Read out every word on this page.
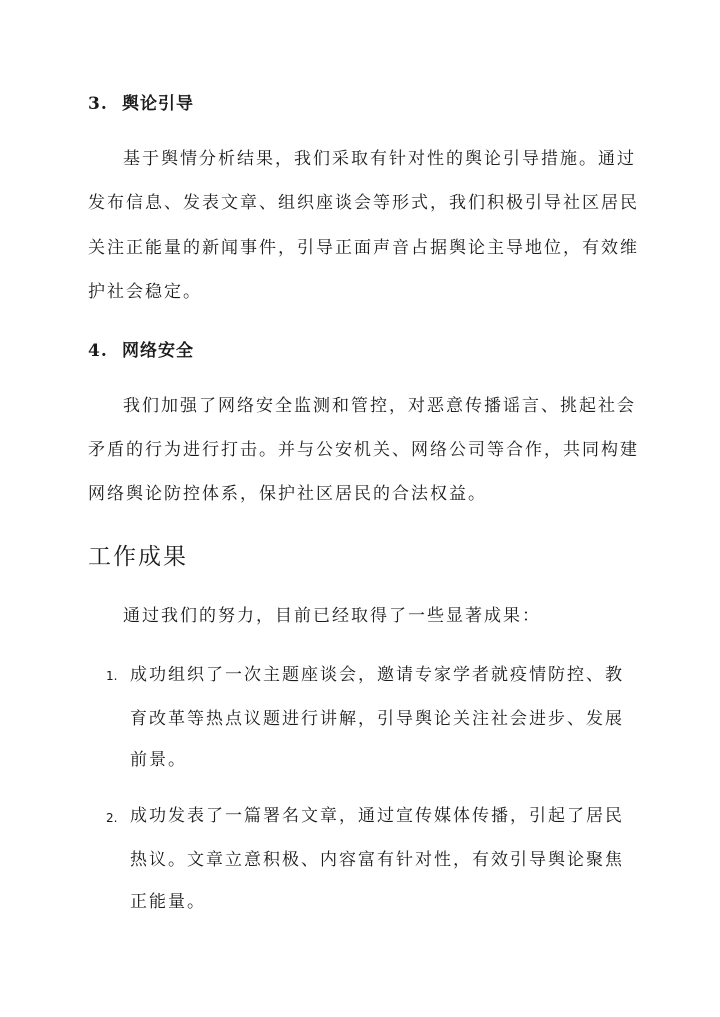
3. 舆论引导
基于舆情分析结果，我们采取有针对性的舆论引导措施。通过
发布信息、发表文章、组织座谈会等形式，我们积极引导社区居民
关注正能量的新闻事件，引导正面声音占据舆论主导地位，有效维
护社会稳定。
4. 网络安全
我们加强了网络安全监测和管控，对恶意传播谣言、挑起社会
矛盾的行为进行打击。并与公安机关、网络公司等合作，共同构建
网络舆论防控体系，保护社区居民的合法权益。
工作成果
通过我们的努力，目前已经取得了一些显著成果：
1. 成功组织了一次主题座谈会，邀请专家学者就疫情防控、教
育改革等热点议题进行讲解，引导舆论关注社会进步、发展
前景。
2. 成功发表了一篇署名文章，通过宣传媒体传播，引起了居民
热议。文章立意积极、内容富有针对性，有效引导舆论聚焦
正能量。
